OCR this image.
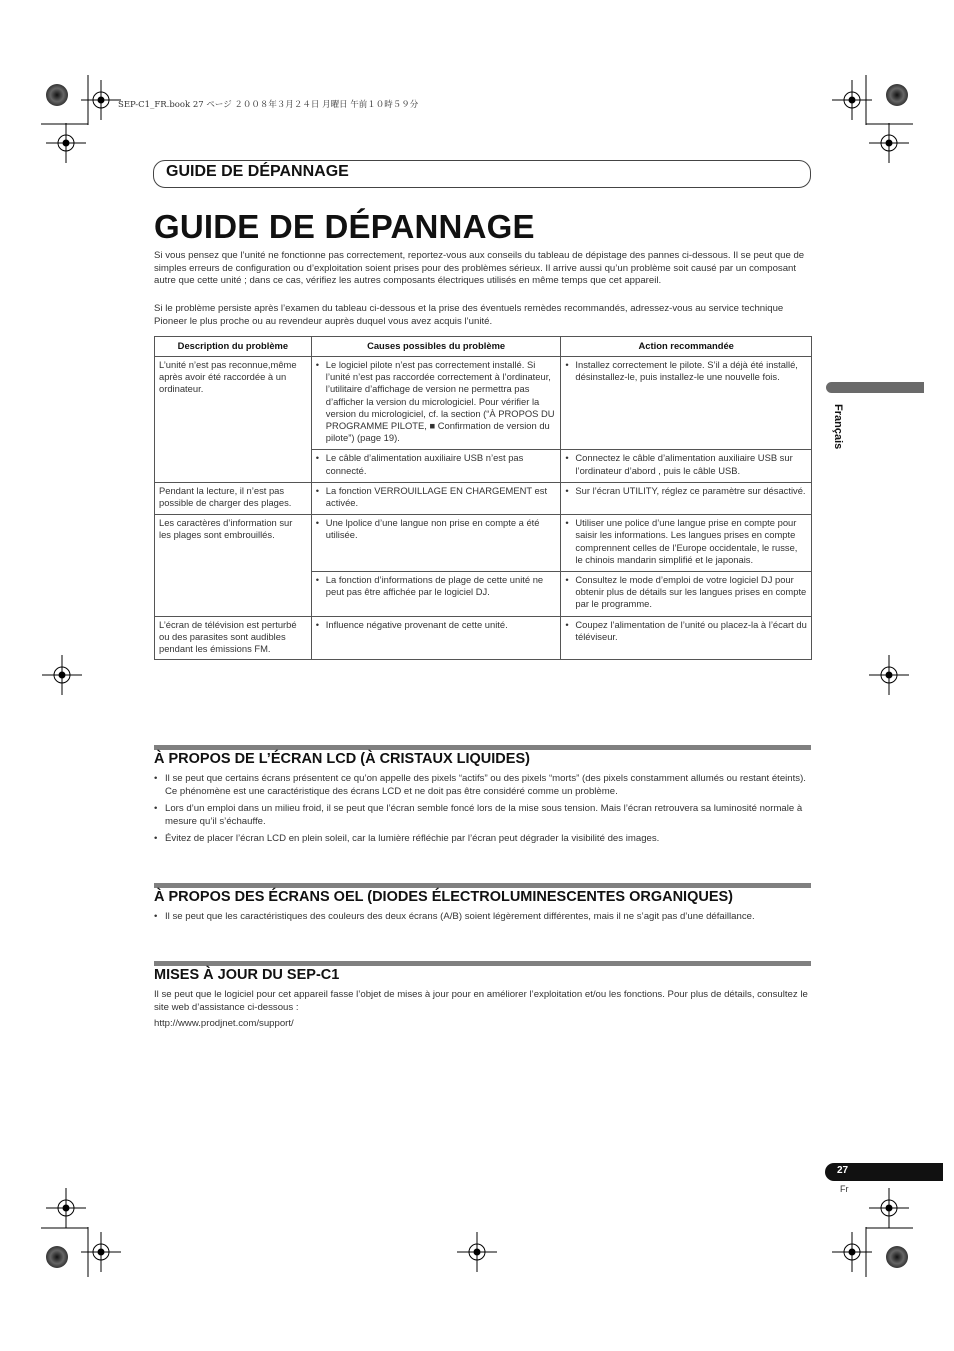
SEP-C1_FR.book 27 ページ ２００８年３月２４日 月曜日 午前１０時５９分
GUIDE DE DÉPANNAGE
GUIDE DE DÉPANNAGE
Si vous pensez que l’unité ne fonctionne pas correctement, reportez-vous aux conseils du tableau de dépistage des pannes ci-dessous. Il se peut que de simples erreurs de configuration ou d’exploitation soient prises pour des problèmes sérieux. Il arrive aussi qu’un problème soit causé par un composant autre que cette unité ; dans ce cas, vérifiez les autres composants électriques utilisés en même temps que cet appareil.
Si le problème persiste après l’examen du tableau ci-dessous et la prise des éventuels remèdes recommandés, adressez-vous au service technique Pioneer le plus proche ou au revendeur auprès duquel vous avez acquis l’unité.
Description du problème	Causes possibles du problème	Action recommandée
L’unité n’est pas reconnue,même après avoir été raccordée à un ordinateur.	• Le logiciel pilote n’est pas correctement installé. Si l’unité n’est pas raccordée correctement à l’ordinateur, l’utilitaire d’affichage de version ne permettra pas d’afficher la version du micrologiciel. Pour vérifier la version du micrologiciel, cf. la section (“À PROPOS DU PROGRAMME PILOTE, ■ Confirmation de version du pilote”) (page 19).	• Installez correctement le pilote. S’il a déjà été installé, désinstallez-le, puis installez-le une nouvelle fois.

	• Le câble d’alimentation auxiliaire USB n’est pas connecté.	• Connectez le câble d’alimentation auxiliaire USB sur l’ordinateur d’abord , puis le câble USB.

Pendant la lecture, il n’est pas possible de charger des plages.	• La fonction VERROUILLAGE EN CHARGEMENT est activée.	• Sur l’écran UTILITY, réglez ce paramètre sur désactivé.

Les caractères d’information sur les plages sont embrouillés.	• Une lpolice d’une langue non prise en compte a été utilisée.	• Utiliser une police d’une langue prise en compte pour saisir les informations. Les langues prises en compte comprennent celles de l’Europe occidentale, le russe, le chinois mandarin simplifié et le japonais.

	• La fonction d’informations de plage de cette unité ne peut pas être affichée par le logiciel DJ.	• Consultez le mode d’emploi de votre logiciel DJ pour obtenir plus de détails sur les langues prises en compte par le programme.

L’écran de télévision est perturbé ou des parasites sont audibles pendant les émissions FM.	• Influence négative provenant de cette unité.	• Coupez l’alimentation de l’unité ou placez-la à l’écart du téléviseur.
À PROPOS DE L’ÉCRAN LCD (À CRISTAUX LIQUIDES)
• Il se peut que certains écrans présentent ce qu’on appelle des pixels “actifs” ou des pixels “morts” (des pixels constamment allumés ou restant éteints). Ce phénomène est une caractéristique des écrans LCD et ne doit pas être considéré comme un problème.
• Lors d’un emploi dans un milieu froid, il se peut que l’écran semble foncé lors de la mise sous tension. Mais l’écran retrouvera sa luminosité normale à mesure qu’il s’échauffe.
• Évitez de placer l’écran LCD en plein soleil, car la lumière réfléchie par l’écran peut dégrader la visibilité des images.
À PROPOS DES ÉCRANS OEL (DIODES ÉLECTROLUMINESCENTES ORGANIQUES)
• Il se peut que les caractéristiques des couleurs des deux écrans (A/B) soient légèrement différentes, mais il ne s’agit pas d’une défaillance.
MISES À JOUR DU SEP-C1
Il se peut que le logiciel pour cet appareil fasse l’objet de mises à jour pour en améliorer l’exploitation et/ou les fonctions. Pour plus de détails, consultez le site web d’assistance ci-dessous :
http://www.prodjnet.com/support/
Français
27
Fr
